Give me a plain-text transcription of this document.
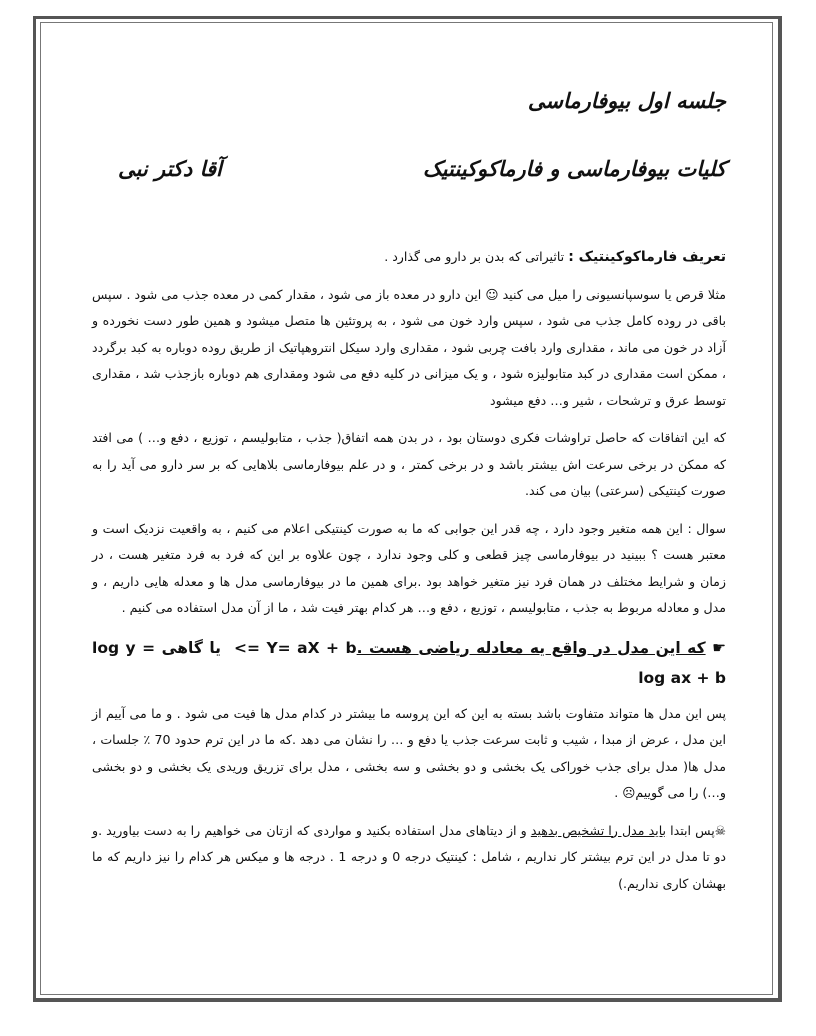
جلسه اول بیوفارماسی
کلیات بیوفارماسی و فارماکوکینتیک
آقا دکتر نبی

تعریف فارماکوکینتیک : تاثیراتی که بدن بر دارو می گذارد .

مثلا قرص یا سوسپانسیونی را میل می کنید ☺ این دارو در معده باز می شود ، مقدار کمی در معده جذب می شود . سپس باقی در روده کامل جذب می شود ، سپس وارد خون می شود ، به پروتئین ها متصل میشود و همین طور دست نخورده و آزاد در خون می ماند ، مقداری وارد بافت چربی شود ، مقداری وارد سیکل انتروهپاتیک از طریق روده دوباره به کبد برگردد ، ممکن است مقداری در کبد متابولیزه شود ، و یک میزانی در کلیه دفع می شود ومقداری هم دوباره بازجذب شد ، مقداری توسط عرق و ترشحات ، شیر و… دفع میشود

که این اتفاقات که حاصل تراوشات فکری دوستان بود ، در بدن همه اتفاق( جذب ، متابولیسم ، توزیع ، دفع و… ) می افتد که ممکن در برخی سرعت اش بیشتر باشد و در برخی کمتر ، و در علم بیوفارماسی بلاهایی که بر سر دارو می آید را به صورت کینتیکی (سرعتی) بیان می کند.

سوال : این همه متغیر وجود دارد ، چه قدر این جوابی که ما به صورت کینتیکی اعلام می کنیم ، به واقعیت نزدیک است و معتبر هست ؟ ببینید در بیوفارماسی چیز قطعی و کلی وجود ندارد ، چون علاوه بر این که فرد به فرد متغیر هست ، در زمان و شرایط مختلف در همان فرد نیز متغیر خواهد بود .برای همین ما در بیوفارماسی مدل ها و معدله هایی داریم ، و مدل و معادله مربوط به جذب ، متابولیسم ، توزیع ، دفع و… هر کدام بهتر فیت شد ، ما از آن مدل استفاده می کنیم .

☛ که این مدل در واقع یه معادله ریاضی هست . <= Y= aX + b یا گاهی log y = log ax + b

پس این مدل ها متواند متفاوت باشد بسته به این که این پروسه ما بیشتر در کدام مدل ها فیت می شود . و ما می آییم از این مدل ، عرض از مبدا ، شیب و ثابت سرعت جذب یا دفع و … را نشان می دهد .که ما در این ترم حدود 70 ٪ جلسات ، مدل ها( مدل برای جذب خوراکی یک بخشی و دو بخشی و سه بخشی ، مدل برای تزریق وریدی یک بخشی و دو بخشی و…) را می گوییم☹ .

☠پس ابتدا باید مدل را تشخیص بدهید و از دیتاهای مدل استفاده بکنید و مواردی که ازتان می خواهیم را به دست بیاورید .و دو تا مدل در این ترم بیشتر کار نداریم ، شامل : کینتیک درجه 0 و درجه 1 . درجه ها و میکس هر کدام را نیز داریم که ما بهشان کاری نداریم.)
